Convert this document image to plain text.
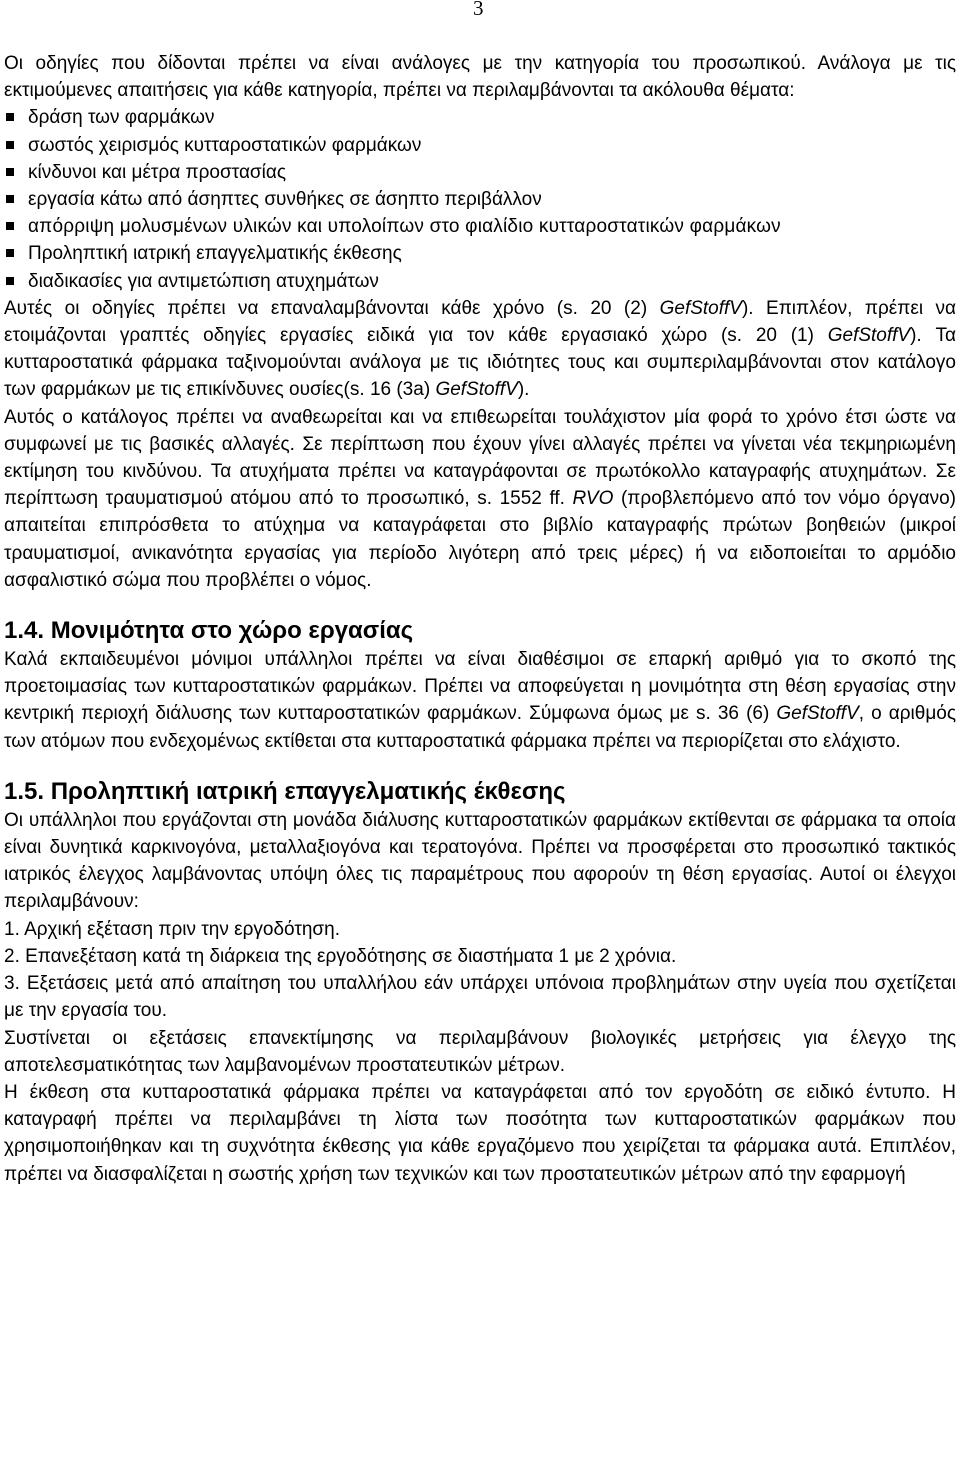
3

Οι οδηγίες που δίδονται πρέπει να είναι ανάλογες με την κατηγορία του προσωπικού. Ανάλογα με τις εκτιμούμενες απαιτήσεις για κάθε κατηγορία, πρέπει να περιλαμβάνονται τα ακόλουθα θέματα:

δράση των φαρμάκων
σωστός χειρισμός κυτταροστατικών φαρμάκων
κίνδυνοι και μέτρα προστασίας
εργασία κάτω από άσηπτες συνθήκες σε άσηπτο περιβάλλον
απόρριψη μολυσμένων υλικών και υπολοίπων στο φιαλίδιο κυτταροστατικών φαρμάκων
Προληπτική ιατρική επαγγελματικής έκθεσης
διαδικασίες για αντιμετώπιση ατυχημάτων

Αυτές οι οδηγίες πρέπει να επαναλαμβάνονται κάθε χρόνο (s. 20 (2) GefStoffV). Επιπλέον, πρέπει να ετοιμάζονται γραπτές οδηγίες εργασίες ειδικά για τον κάθε εργασιακό χώρο (s. 20 (1) GefStoffV). Τα κυτταροστατικά φάρμακα ταξινομούνται ανάλογα με τις ιδιότητες τους και συμπεριλαμβάνονται στον κατάλογο των φαρμάκων με τις επικίνδυνες ουσίες(s. 16 (3a) GefStoffV).

Αυτός ο κατάλογος πρέπει να αναθεωρείται και να επιθεωρείται τουλάχιστον μία φορά το χρόνο έτσι ώστε να συμφωνεί με τις βασικές αλλαγές. Σε περίπτωση που έχουν γίνει αλλαγές πρέπει να γίνεται νέα τεκμηριωμένη εκτίμηση του κινδύνου. Τα ατυχήματα πρέπει να καταγράφονται σε πρωτόκολλο καταγραφής ατυχημάτων. Σε περίπτωση τραυματισμού ατόμου από το προσωπικό, s. 1552 ff. RVO (προβλεπόμενο από τον νόμο όργανο) απαιτείται επιπρόσθετα το ατύχημα να καταγράφεται στο βιβλίο καταγραφής πρώτων βοηθειών (μικροί τραυματισμοί, ανικανότητα εργασίας για περίοδο λιγότερη από τρεις μέρες) ή να ειδοποιείται το αρμόδιο ασφαλιστικό σώμα που προβλέπει ο νόμος.

1.4. Μονιμότητα στο χώρο εργασίας

Καλά εκπαιδευμένοι μόνιμοι υπάλληλοι πρέπει να είναι διαθέσιμοι σε επαρκή αριθμό για το σκοπό της προετοιμασίας των κυτταροστατικών φαρμάκων. Πρέπει να αποφεύγεται η μονιμότητα στη θέση εργασίας στην κεντρική περιοχή διάλυσης των κυτταροστατικών φαρμάκων. Σύμφωνα όμως με s. 36 (6) GefStoffV, ο αριθμός των ατόμων που ενδεχομένως εκτίθεται στα κυτταροστατικά φάρμακα πρέπει να περιορίζεται στο ελάχιστο.

1.5. Προληπτική ιατρική επαγγελματικής έκθεσης

Οι υπάλληλοι που εργάζονται στη μονάδα διάλυσης κυτταροστατικών φαρμάκων εκτίθενται σε φάρμακα τα οποία είναι δυνητικά καρκινογόνα, μεταλλαξιογόνα και τερατογόνα. Πρέπει να προσφέρεται στο προσωπικό τακτικός ιατρικός έλεγχος λαμβάνοντας υπόψη όλες τις παραμέτρους που αφορούν τη θέση εργασίας. Αυτοί οι έλεγχοι περιλαμβάνουν:

1. Αρχική εξέταση πριν την εργοδότηση.

2. Επανεξέταση κατά τη διάρκεια της εργοδότησης σε διαστήματα 1 με 2 χρόνια.

3. Εξετάσεις μετά από απαίτηση του υπαλλήλου εάν υπάρχει υπόνοια προβλημάτων στην υγεία που σχετίζεται με την εργασία του.

Συστίνεται οι εξετάσεις επανεκτίμησης να περιλαμβάνουν βιολογικές μετρήσεις για έλεγχο της αποτελεσματικότητας των λαμβανομένων προστατευτικών μέτρων.

Η έκθεση στα κυτταροστατικά φάρμακα πρέπει να καταγράφεται από τον εργοδότη σε ειδικό έντυπο. Η καταγραφή πρέπει να περιλαμβάνει τη λίστα των ποσότητα των κυτταροστατικών φαρμάκων που χρησιμοποιήθηκαν και τη συχνότητα έκθεσης για κάθε εργαζόμενο που χειρίζεται τα φάρμακα αυτά. Επιπλέον, πρέπει να διασφαλίζεται η σωστής χρήση των τεχνικών και των προστατευτικών μέτρων από την εφαρμογή
